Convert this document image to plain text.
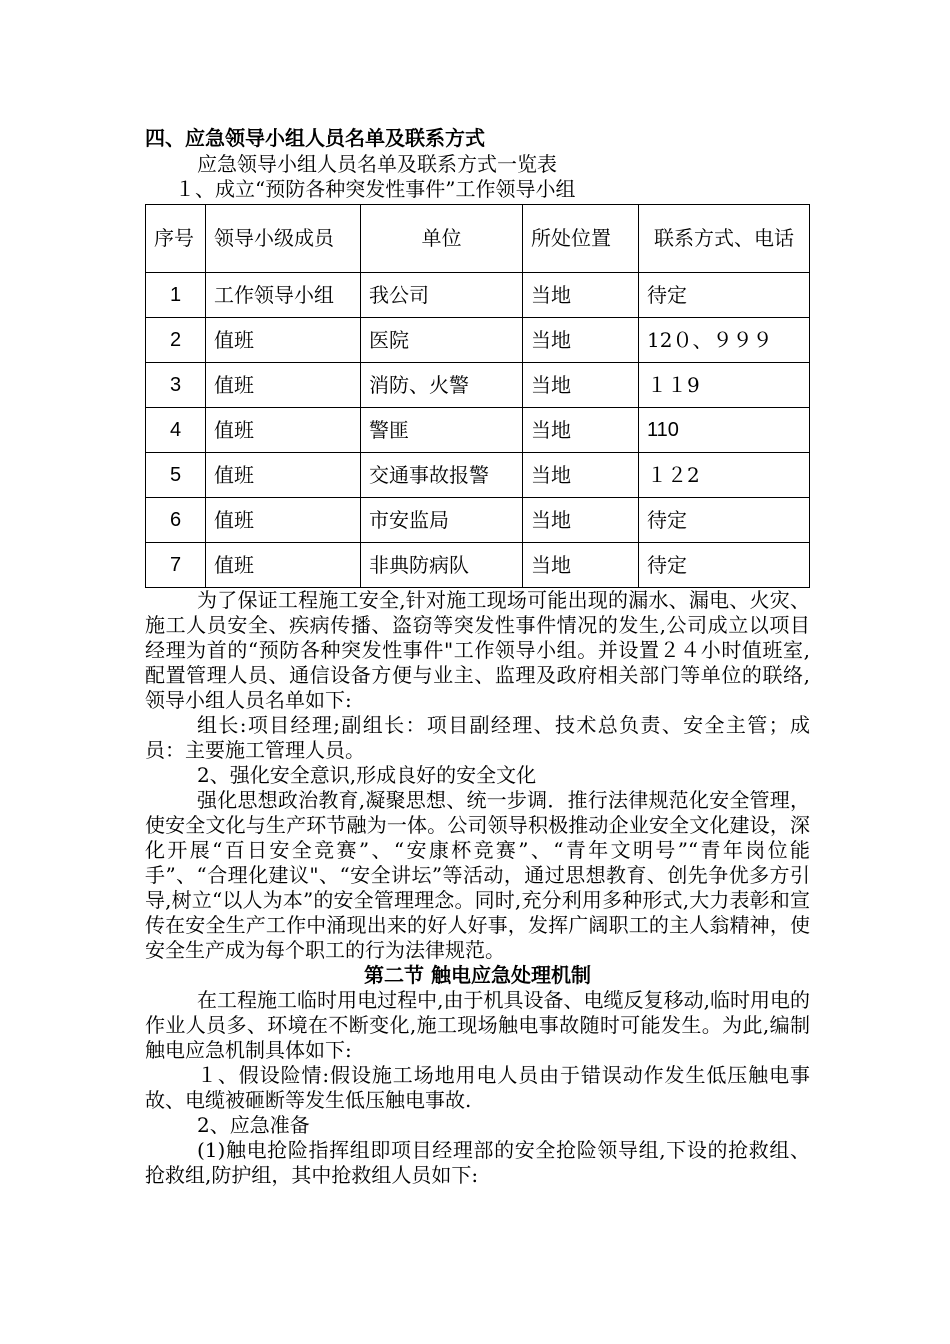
四、应急领导小组人员名单及联系方式
应急领导小组人员名单及联系方式一览表
１、成立“预防各种突发性事件”工作领导小组
序号	领导小级成员	单位	所处位置	联系方式、电话
1	工作领导小组	我公司	当地	待定
2	值班	医院	当地	12０、９９９
3	值班	消防、火警	当地	１１9
4	值班	警匪	当地	110
5	值班	交通事故报警	当地	１２2
6	值班	市安监局	当地	待定
7	值班	非典防病队	当地	待定
为了保证工程施工安全,针对施工现场可能出现的漏水、漏电、火灾、施工人员安全、疾病传播、盗窃等突发性事件情况的发生,公司成立以项目经理为首的“预防各种突发性事件"工作领导小组。并设置２４小时值班室,配置管理人员、通信设备方便与业主、监理及政府相关部门等单位的联络,领导小组人员名单如下:
组长:项目经理;副组长：项目副经理、技术总负责、安全主管；成员：主要施工管理人员。
2、强化安全意识,形成良好的安全文化
强化思想政治教育,凝聚思想、统一步调．推行法律规范化安全管理，使安全文化与生产环节融为一体。公司领导积极推动企业安全文化建设，深化开展“百日安全竞赛”、“安康杯竞赛”、“青年文明号”“青年岗位能手”、“合理化建议"、“安全讲坛”等活动，通过思想教育、创先争优多方引导,树立“以人为本”的安全管理理念。同时,充分利用多种形式,大力表彰和宣传在安全生产工作中涌现出来的好人好事，发挥广阔职工的主人翁精神，使安全生产成为每个职工的行为法律规范。
第二节 触电应急处理机制
在工程施工临时用电过程中,由于机具设备、电缆反复移动,临时用电的作业人员多、环境在不断变化,施工现场触电事故随时可能发生。为此,编制触电应急机制具体如下:
１、假设险情:假设施工场地用电人员由于错误动作发生低压触电事故、电缆被砸断等发生低压触电事故.
2、应急准备
(1)触电抢险指挥组即项目经理部的安全抢险领导组,下设的抢救组、抢救组,防护组，其中抢救组人员如下:
